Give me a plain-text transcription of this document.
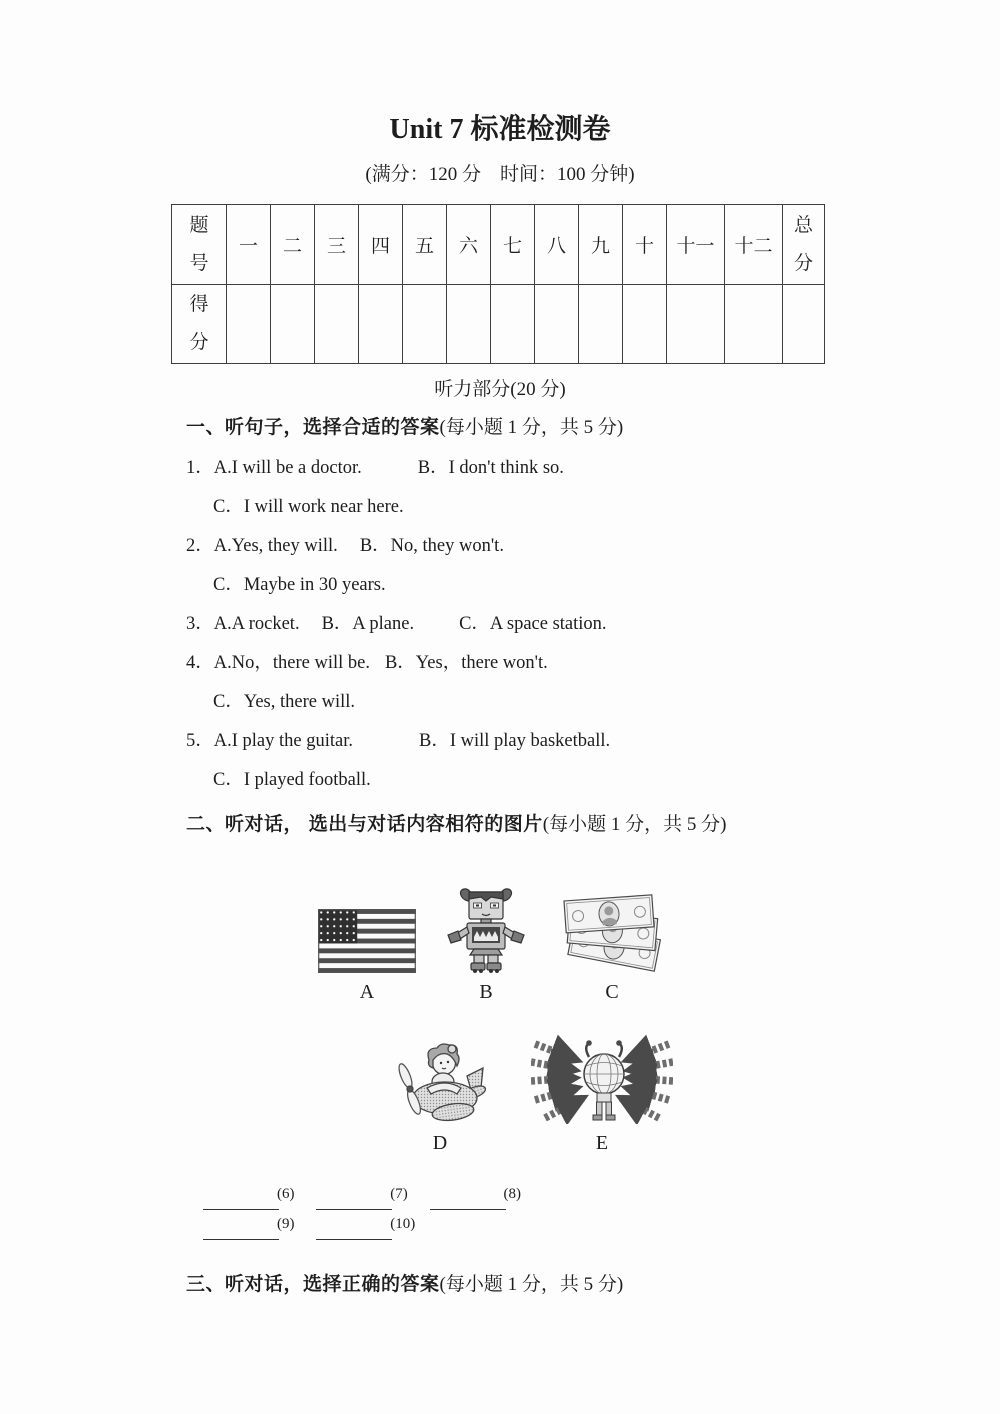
Unit 7 标准检测卷
(满分：120 分　时间：100 分钟)
题号	一	二	三	四	五	六	七	八	九	十	十一	十二	总分
得分													
听力部分(20 分)
一、听句子，选择合适的答案(每小题 1 分，共 5 分)
1．A.I will be a doctor.	B．I don't think so.
C．I will work near here.
2．A.Yes, they will. B．No, they won't.
C．Maybe in 30 years.
3．A.A rocket. B．A plane. C．A space station.
4．A.No，there will be. B．Yes，there won't.
C．Yes, there will.
5．A.I play the guitar.	B．I will play basketball.
C．I played football.
二、听对话， 选出与对话内容相符的图片(每小题 1 分，共 5 分)
A	B	C
D	E
(6)	(7)	(8)
(9)	(10)
三、听对话，选择正确的答案(每小题 1 分，共 5 分)
